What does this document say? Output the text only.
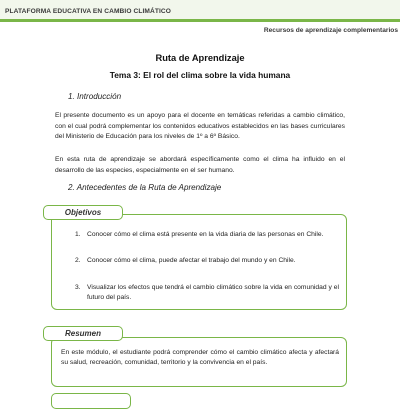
PLATAFORMA EDUCATIVA EN CAMBIO CLIMÁTICO
Recursos de aprendizaje complementarios
Ruta de Aprendizaje
Tema 3: El rol del clima sobre la vida humana
1. Introducción
El presente documento es un apoyo para el docente en temáticas referidas a cambio climático, con el cual podrá complementar los contenidos educativos establecidos en las bases curriculares del Ministerio de Educación para los niveles de 1º a 6º Básico.
En esta ruta de aprendizaje se abordará específicamente como el clima ha influido en el desarrollo de las especies, especialmente en el ser humano.
2. Antecedentes de la Ruta de Aprendizaje
Objetivos
1. Conocer cómo el clima está presente en la vida diaria de las personas en Chile.
2. Conocer cómo el clima, puede afectar el trabajo del mundo y en Chile.
3. Visualizar los efectos que tendrá el cambio climático sobre la vida en comunidad y el futuro del país.
Resumen
En este módulo, el estudiante podrá comprender cómo el cambio climático afecta y afectará su salud, recreación, comunidad, territorio y la convivencia en el país.
